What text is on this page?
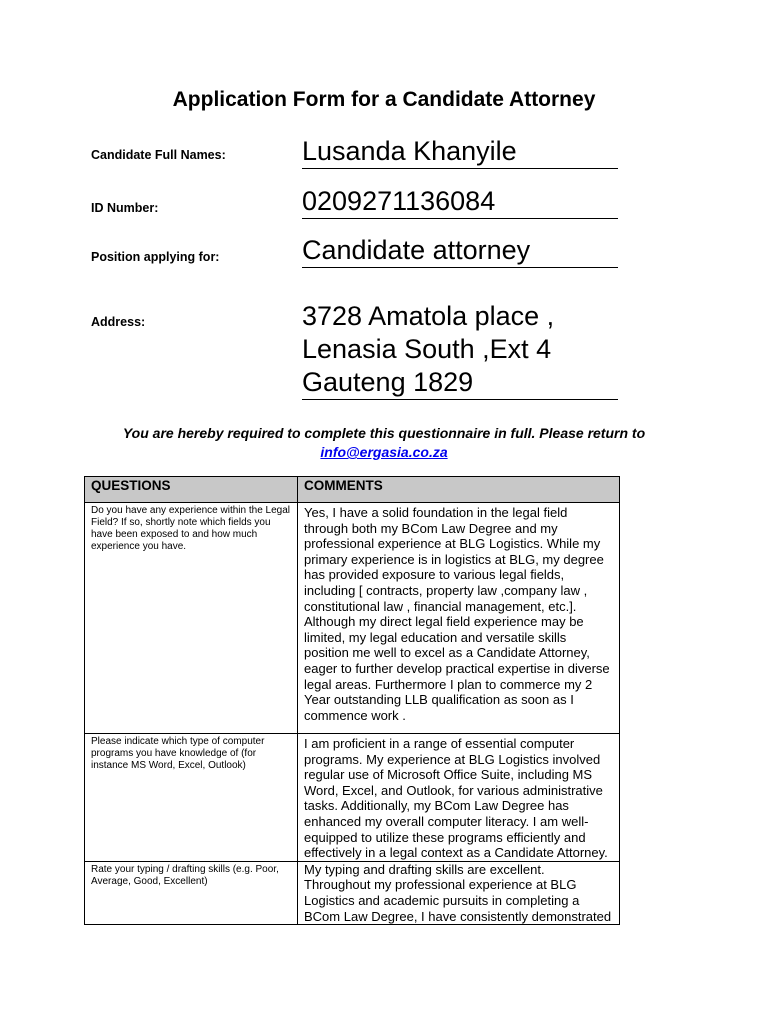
Application Form for a Candidate Attorney
Candidate Full Names:	Lusanda Khanyile
ID Number:	0209271136084
Position applying for:	Candidate attorney
Address:	3728 Amatola place ,
Lenasia South ,Ext 4
Gauteng 1829
You are hereby required to complete this questionnaire in full. Please return to
info@ergasia.co.za
QUESTIONS	COMMENTS
Do you have any experience within the Legal Field? If so, shortly note which fields you have been exposed to and how much experience you have.	Yes, I have a solid foundation in the legal field through both my BCom Law Degree and my professional experience at BLG Logistics. While my primary experience is in logistics at BLG, my degree has provided exposure to various legal fields, including [ contracts, property law ,company law , constitutional law , financial management, etc.]. Although my direct legal field experience may be limited, my legal education and versatile skills position me well to excel as a Candidate Attorney, eager to further develop practical expertise in diverse legal areas. Furthermore I plan to commerce my 2 Year outstanding LLB qualification as soon as I commence work .
Please indicate which type of computer programs you have knowledge of (for instance MS Word, Excel, Outlook)	I am proficient in a range of essential computer programs. My experience at BLG Logistics involved regular use of Microsoft Office Suite, including MS Word, Excel, and Outlook, for various administrative tasks. Additionally, my BCom Law Degree has enhanced my overall computer literacy. I am well-equipped to utilize these programs efficiently and effectively in a legal context as a Candidate Attorney.
Rate your typing / drafting skills (e.g. Poor, Average, Good, Excellent)	My typing and drafting skills are excellent. Throughout my professional experience at BLG Logistics and academic pursuits in completing a BCom Law Degree, I have consistently demonstrated
